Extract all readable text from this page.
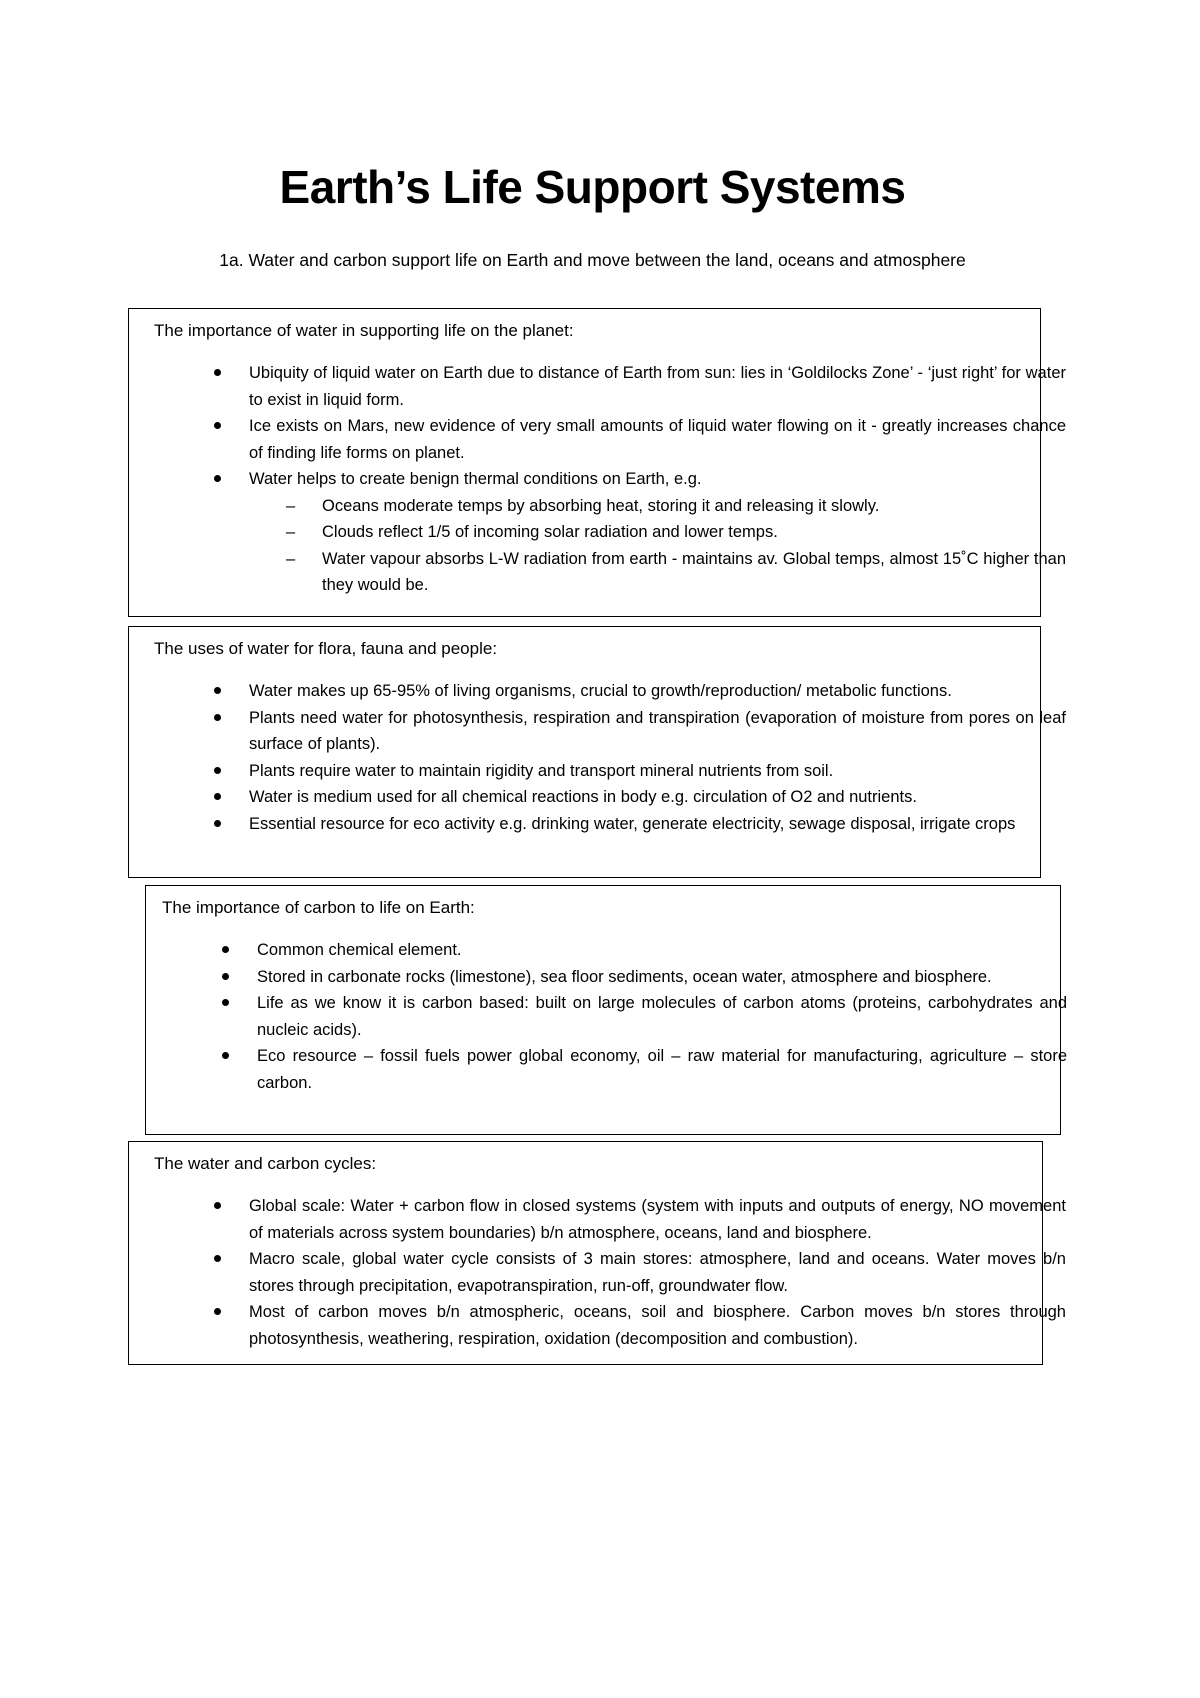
Earth’s Life Support Systems
1a. Water and carbon support life on Earth and move between the land, oceans and atmosphere
The importance of water in supporting life on the planet:
Ubiquity of liquid water on Earth due to distance of Earth from sun: lies in ‘Goldilocks Zone’ - ‘just right’ for water to exist in liquid form.
Ice exists on Mars, new evidence of very small amounts of liquid water flowing on it - greatly increases chance of finding life forms on planet.
Water helps to create benign thermal conditions on Earth, e.g.
– Oceans moderate temps by absorbing heat, storing it and releasing it slowly.
– Clouds reflect 1/5 of incoming solar radiation and lower temps.
– Water vapour absorbs L-W radiation from earth - maintains av. Global temps, almost 15˚C higher than they would be.
The uses of water for flora, fauna and people:
Water makes up 65-95% of living organisms, crucial to growth/reproduction/ metabolic functions.
Plants need water for photosynthesis, respiration and transpiration (evaporation of moisture from pores on leaf surface of plants).
Plants require water to maintain rigidity and transport mineral nutrients from soil.
Water is medium used for all chemical reactions in body e.g. circulation of O2 and nutrients.
Essential resource for eco activity e.g. drinking water, generate electricity, sewage disposal, irrigate crops
The importance of carbon to life on Earth:
Common chemical element.
Stored in carbonate rocks (limestone), sea floor sediments, ocean water, atmosphere and biosphere.
Life as we know it is carbon based: built on large molecules of carbon atoms (proteins, carbohydrates and nucleic acids).
Eco resource – fossil fuels power global economy, oil – raw material for manufacturing, agriculture – store carbon.
The water and carbon cycles:
Global scale: Water + carbon flow in closed systems (system with inputs and outputs of energy, NO movement of materials across system boundaries) b/n atmosphere, oceans, land and biosphere.
Macro scale, global water cycle consists of 3 main stores: atmosphere, land and oceans. Water moves b/n stores through precipitation, evapotranspiration, run-off, groundwater flow.
Most of carbon moves b/n atmospheric, oceans, soil and biosphere. Carbon moves b/n stores through photosynthesis, weathering, respiration, oxidation (decomposition and combustion).
